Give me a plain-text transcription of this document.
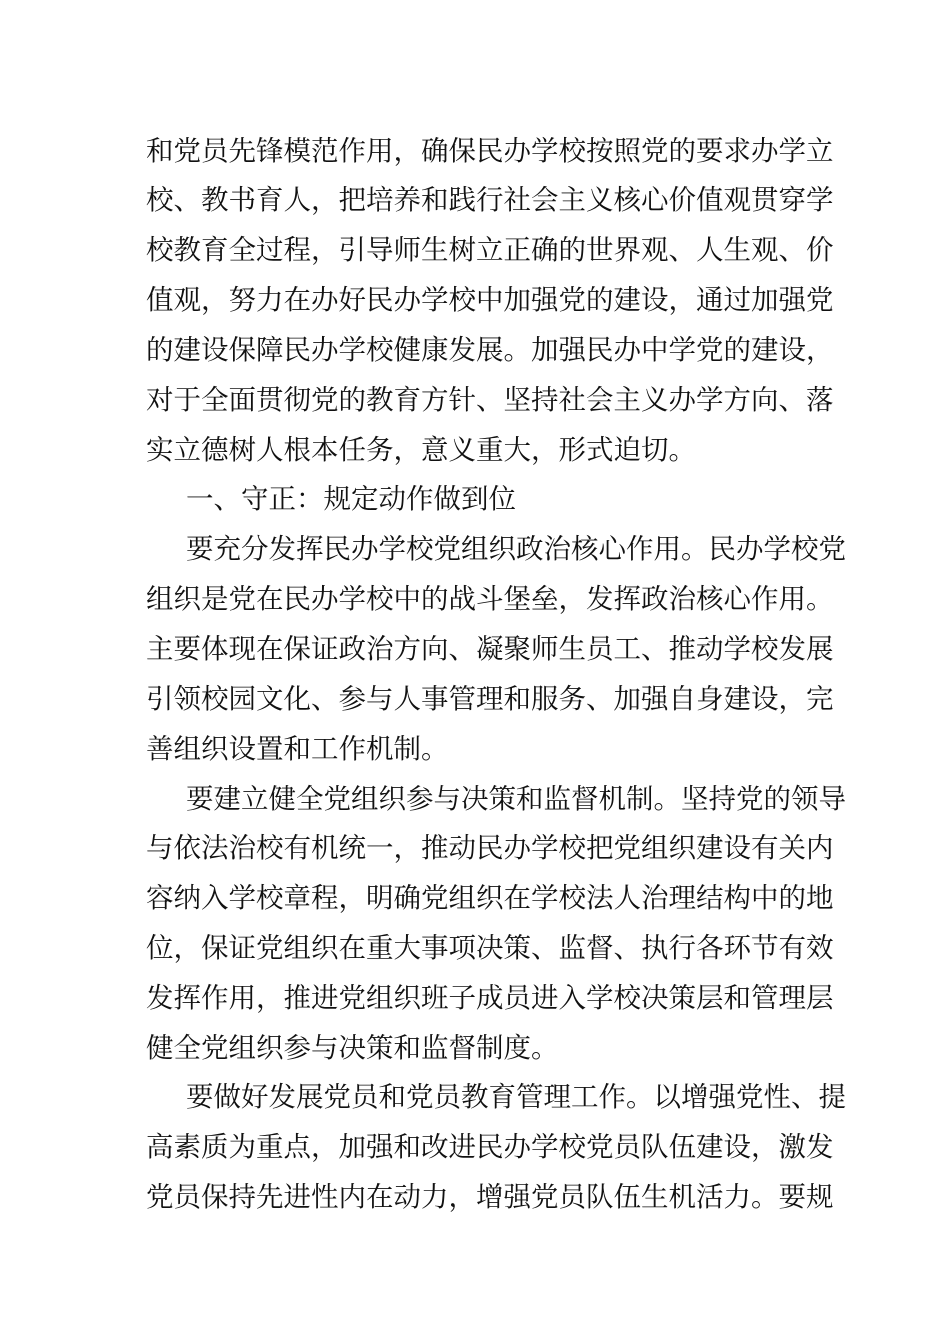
和党员先锋模范作用，确保民办学校按照党的要求办学立
校、教书育人，把培养和践行社会主义核心价值观贯穿学
校教育全过程，引导师生树立正确的世界观、人生观、价
值观，努力在办好民办学校中加强党的建设，通过加强党
的建设保障民办学校健康发展。加强民办中学党的建设，
对于全面贯彻党的教育方针、坚持社会主义办学方向、落
实立德树人根本任务，意义重大，形式迫切。
一、守正：规定动作做到位
要充分发挥民办学校党组织政治核心作用。民办学校党
组织是党在民办学校中的战斗堡垒，发挥政治核心作用。
主要体现在保证政治方向、凝聚师生员工、推动学校发展
引领校园文化、参与人事管理和服务、加强自身建设，完
善组织设置和工作机制。
要建立健全党组织参与决策和监督机制。坚持党的领导
与依法治校有机统一，推动民办学校把党组织建设有关内
容纳入学校章程，明确党组织在学校法人治理结构中的地
位，保证党组织在重大事项决策、监督、执行各环节有效
发挥作用，推进党组织班子成员进入学校决策层和管理层
健全党组织参与决策和监督制度。
要做好发展党员和党员教育管理工作。以增强党性、提
高素质为重点，加强和改进民办学校党员队伍建设，激发
党员保持先进性内在动力，增强党员队伍生机活力。要规
